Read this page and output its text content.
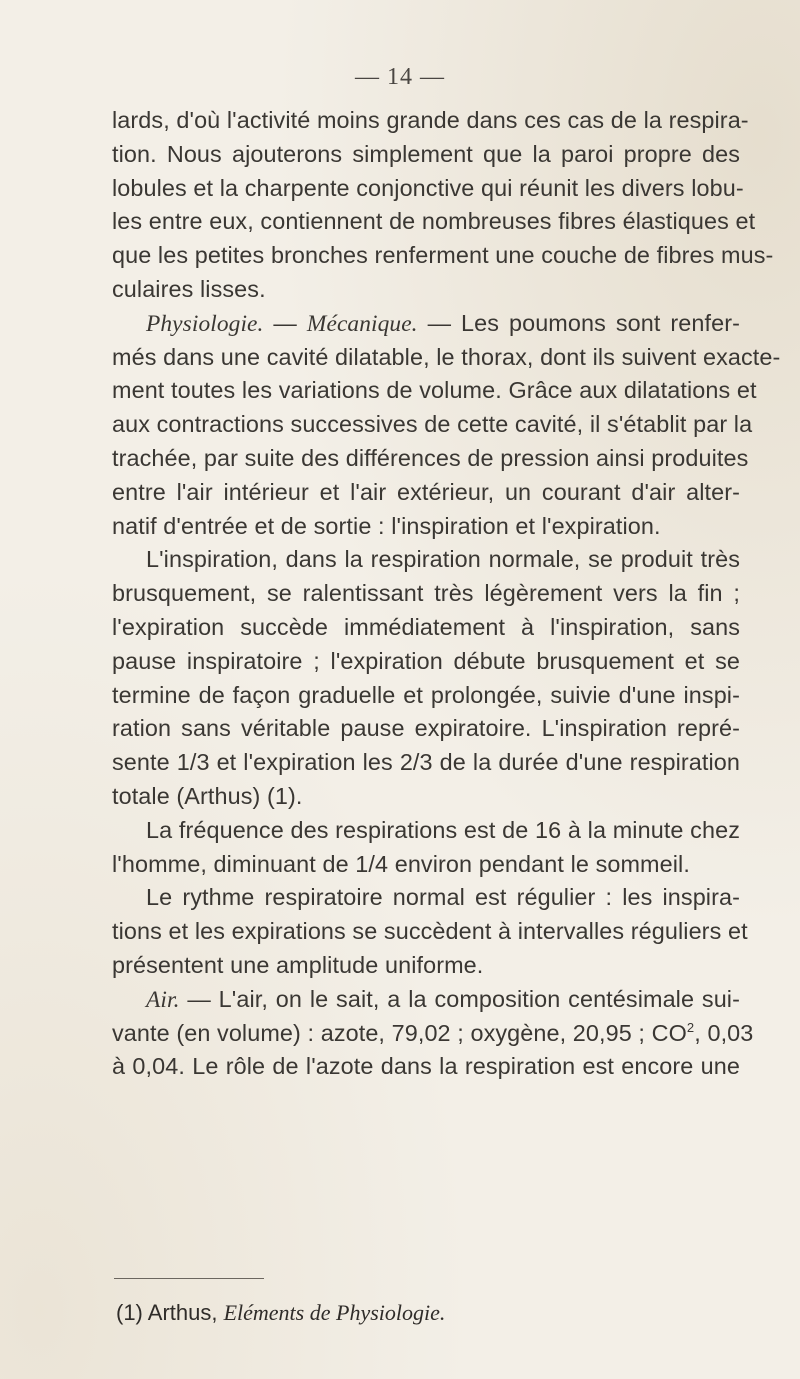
— 14 —
lards, d'où l'activité moins grande dans ces cas de la respira-
tion. Nous ajouterons simplement que la paroi propre des
lobules et la charpente conjonctive qui réunit les divers lobu-
les entre eux, contiennent de nombreuses fibres élastiques et
que les petites bronches renferment une couche de fibres mus-
culaires lisses.
Physiologie. — Mécanique. — Les poumons sont renfer-
més dans une cavité dilatable, le thorax, dont ils suivent exacte-
ment toutes les variations de volume. Grâce aux dilatations et
aux contractions successives de cette cavité, il s'établit par la
trachée, par suite des différences de pression ainsi produites
entre l'air intérieur et l'air extérieur, un courant d'air alter-
natif d'entrée et de sortie : l'inspiration et l'expiration.
L'inspiration, dans la respiration normale, se produit très
brusquement, se ralentissant très légèrement vers la fin ;
l'expiration succède immédiatement à l'inspiration, sans
pause inspiratoire ; l'expiration débute brusquement et se
termine de façon graduelle et prolongée, suivie d'une inspi-
ration sans véritable pause expiratoire. L'inspiration repré-
sente 1/3 et l'expiration les 2/3 de la durée d'une respiration
totale (Arthus) (1).
La fréquence des respirations est de 16 à la minute chez
l'homme, diminuant de 1/4 environ pendant le sommeil.
Le rythme respiratoire normal est régulier : les inspira-
tions et les expirations se succèdent à intervalles réguliers et
présentent une amplitude uniforme.
Air. — L'air, on le sait, a la composition centésimale sui-
vante (en volume) : azote, 79,02 ; oxygène, 20,95 ; $CO^2$, 0,03
à 0,04. Le rôle de l'azote dans la respiration est encore une
(1) Arthus, Eléments de Physiologie.
